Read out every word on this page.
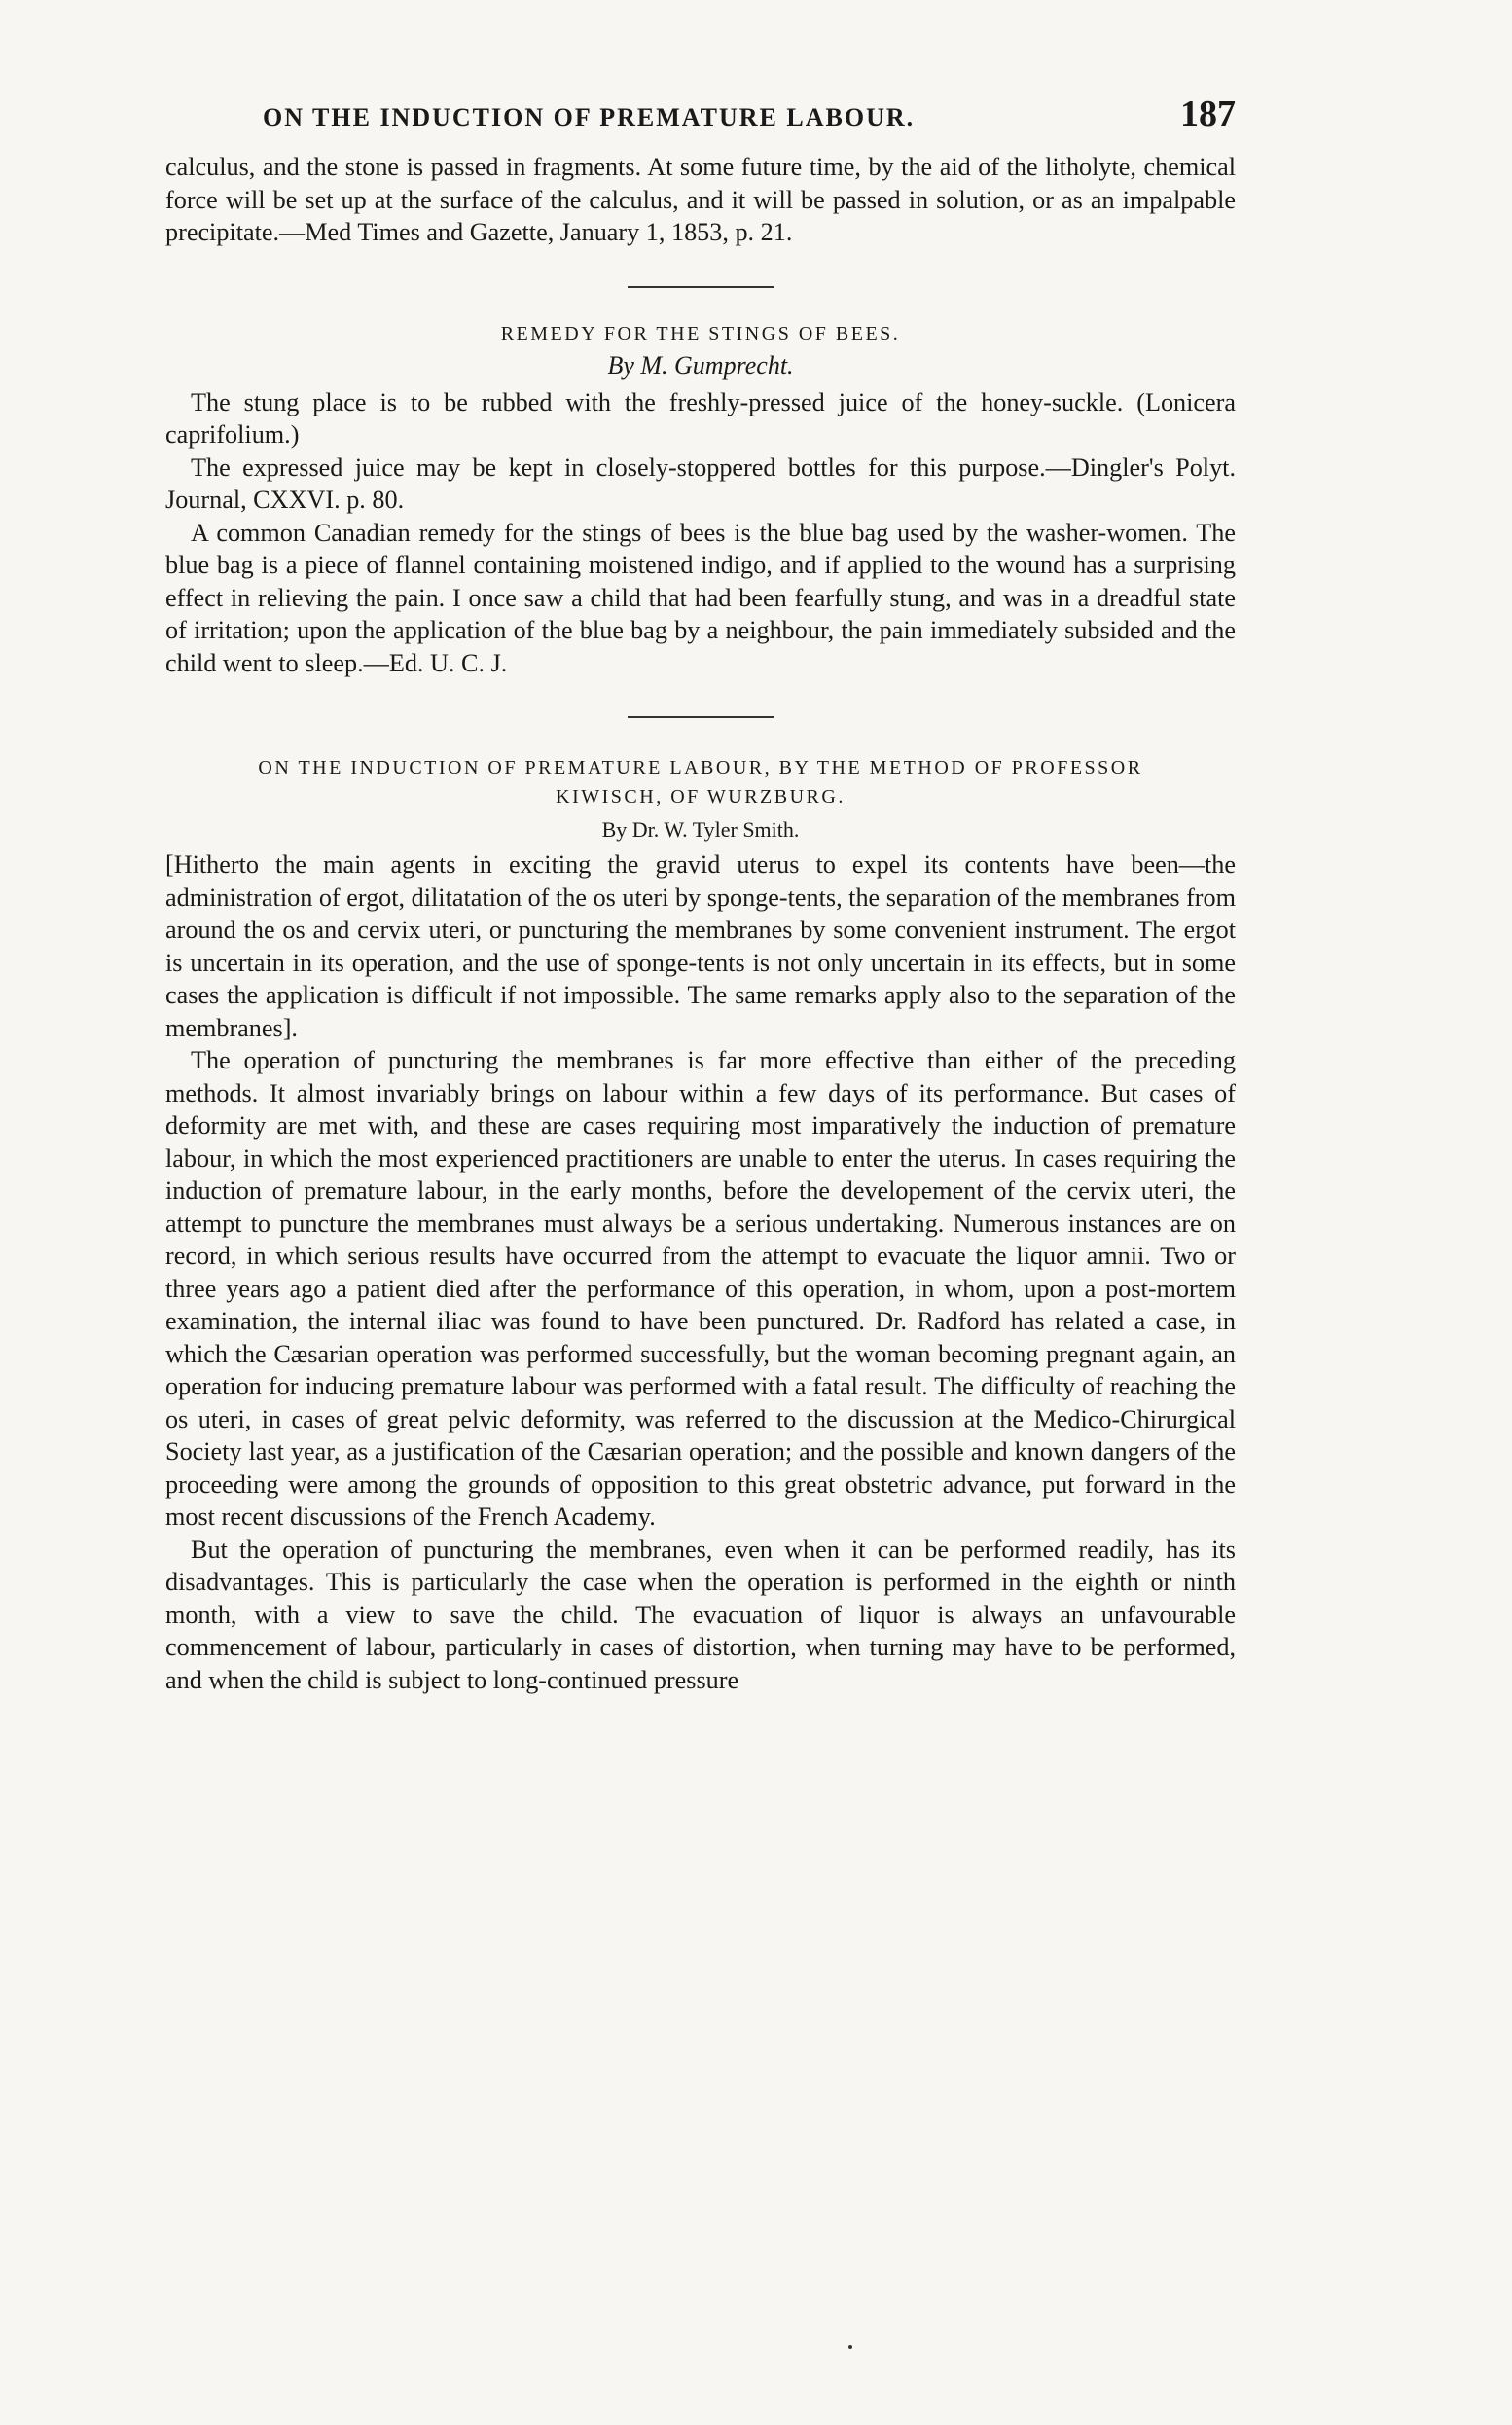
ON THE INDUCTION OF PREMATURE LABOUR.	187

calculus, and the stone is passed in fragments. At some future time, by the aid of the litholyte, chemical force will be set up at the surface of the calculus, and it will be passed in solution, or as an impalpable precipitate.—Med Times and Gazette, January 1, 1853, p. 21.

REMEDY FOR THE STINGS OF BEES.
By M. Gumprecht.

The stung place is to be rubbed with the freshly-pressed juice of the honey-suckle. (Lonicera caprifolium.)

The expressed juice may be kept in closely-stoppered bottles for this purpose.—Dingler's Polyt. Journal, CXXVI. p. 80.

A common Canadian remedy for the stings of bees is the blue bag used by the washer-women. The blue bag is a piece of flannel containing moistened indigo, and if applied to the wound has a surprising effect in relieving the pain. I once saw a child that had been fearfully stung, and was in a dreadful state of irritation; upon the application of the blue bag by a neighbour, the pain immediately subsided and the child went to sleep.—Ed. U. C. J.

ON THE INDUCTION OF PREMATURE LABOUR, BY THE METHOD OF PROFESSOR KIWISCH, OF WURZBURG.
By Dr. W. Tyler Smith.

[Hitherto the main agents in exciting the gravid uterus to expel its contents have been—the administration of ergot, dilitatation of the os uteri by sponge-tents, the separation of the membranes from around the os and cervix uteri, or puncturing the membranes by some convenient instrument. The ergot is uncertain in its operation, and the use of sponge-tents is not only uncertain in its effects, but in some cases the application is difficult if not impossible. The same remarks apply also to the separation of the membranes].

The operation of puncturing the membranes is far more effective than either of the preceding methods. It almost invariably brings on labour within a few days of its performance. But cases of deformity are met with, and these are cases requiring most imparatively the induction of premature labour, in which the most experienced practitioners are unable to enter the uterus. In cases requiring the induction of premature labour, in the early months, before the developement of the cervix uteri, the attempt to puncture the membranes must always be a serious undertaking. Numerous instances are on record, in which serious results have occurred from the attempt to evacuate the liquor amnii. Two or three years ago a patient died after the performance of this operation, in whom, upon a post-mortem examination, the internal iliac was found to have been punctured. Dr. Radford has related a case, in which the Cæsarian operation was performed successfully, but the woman becoming pregnant again, an operation for inducing premature labour was performed with a fatal result. The difficulty of reaching the os uteri, in cases of great pelvic deformity, was referred to the discussion at the Medico-Chirurgical Society last year, as a justification of the Cæsarian operation; and the possible and known dangers of the proceeding were among the grounds of opposition to this great obstetric advance, put forward in the most recent discussions of the French Academy.

But the operation of puncturing the membranes, even when it can be performed readily, has its disadvantages. This is particularly the case when the operation is performed in the eighth or ninth month, with a view to save the child. The evacuation of liquor is always an unfavourable commencement of labour, particularly in cases of distortion, when turning may have to be performed, and when the child is subject to long-continued pressure
